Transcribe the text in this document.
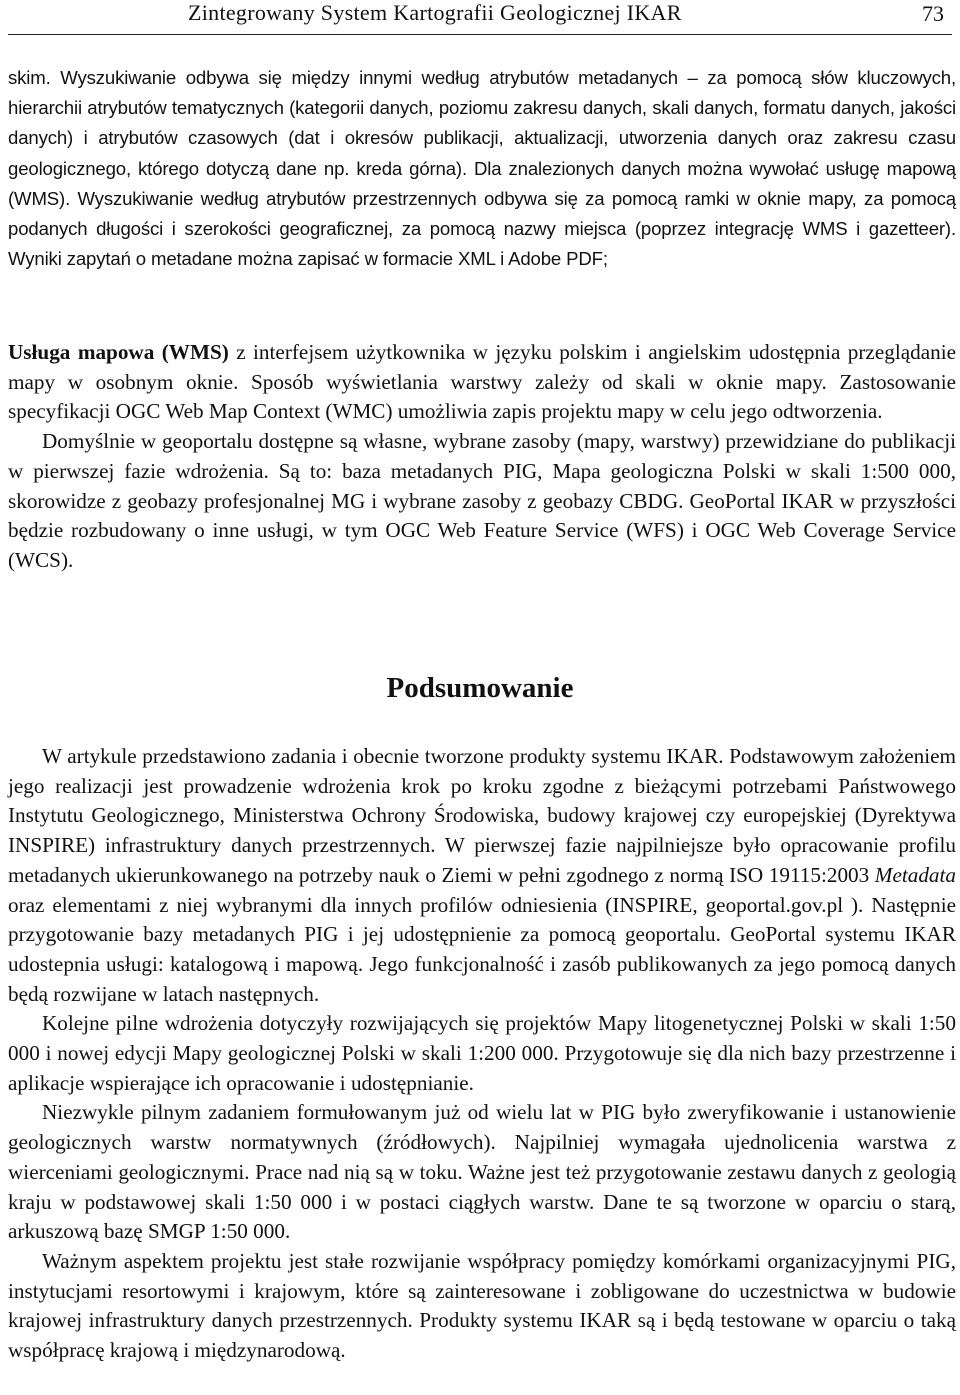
Zintegrowany System Kartografii Geologicznej IKAR	73

skim. Wyszukiwanie odbywa się między innymi według atrybutów metadanych – za pomocą słów kluczowych, hierarchii atrybutów tematycznych (kategorii danych, poziomu zakresu danych, skali danych, formatu danych, jakości danych) i atrybutów czasowych (dat i okresów publikacji, aktualizacji, utworzenia danych oraz zakresu czasu geologicznego, którego dotyczą dane np. kreda górna). Dla znalezionych danych można wywołać usługę mapową (WMS). Wyszukiwanie według atrybutów przestrzennych odbywa się za pomocą ramki w oknie mapy, za pomocą podanych długości i szerokości geograficznej, za pomocą nazwy miejsca (poprzez integrację WMS i gazetteer). Wyniki zapytań o metadane można zapisać w formacie XML i Adobe PDF;

Usługa mapowa (WMS) z interfejsem użytkownika w języku polskim i angielskim udostępnia przeglądanie mapy w osobnym oknie. Sposób wyświetlania warstwy zależy od skali w oknie mapy. Zastosowanie specyfikacji OGC Web Map Context (WMC) umożliwia zapis projektu mapy w celu jego odtworzenia.

Domyślnie w geoportalu dostępne są własne, wybrane zasoby (mapy, warstwy) przewidziane do publikacji w pierwszej fazie wdrożenia. Są to: baza metadanych PIG, Mapa geologiczna Polski w skali 1:500 000, skorowidze z geobazy profesjonalnej MG i wybrane zasoby z geobazy CBDG. GeoPortal IKAR w przyszłości będzie rozbudowany o inne usługi, w tym OGC Web Feature Service (WFS) i OGC Web Coverage Service (WCS).

Podsumowanie

W artykule przedstawiono zadania i obecnie tworzone produkty systemu IKAR. Podstawowym założeniem jego realizacji jest prowadzenie wdrożenia krok po kroku zgodne z bieżącymi potrzebami Państwowego Instytutu Geologicznego, Ministerstwa Ochrony Środowiska, budowy krajowej czy europejskiej (Dyrektywa INSPIRE) infrastruktury danych przestrzennych. W pierwszej fazie najpilniejsze było opracowanie profilu metadanych ukierunkowanego na potrzeby nauk o Ziemi w pełni zgodnego z normą ISO 19115:2003 Metadata oraz elementami z niej wybranymi dla innych profilów odniesienia (INSPIRE, geoportal.gov.pl ). Następnie przygotowanie bazy metadanych PIG i jej udostępnienie za pomocą geoportalu. GeoPortal systemu IKAR udostepnia usługi: katalogową i mapową. Jego funkcjonalność i zasób publikowanych za jego pomocą danych będą rozwijane w latach następnych.

Kolejne pilne wdrożenia dotyczyły rozwijających się projektów Mapy litogenetycznej Polski w skali 1:50 000 i nowej edycji Mapy geologicznej Polski w skali 1:200 000. Przygotowuje się dla nich bazy przestrzenne i aplikacje wspierające ich opracowanie i udostępnianie.

Niezwykle pilnym zadaniem formułowanym już od wielu lat w PIG było zweryfikowanie i ustanowienie geologicznych warstw normatywnych (źródłowych). Najpilniej wymagała ujednolicenia warstwa z wierceniami geologicznymi. Prace nad nią są w toku. Ważne jest też przygotowanie zestawu danych z geologią kraju w podstawowej skali 1:50 000 i w postaci ciągłych warstw. Dane te są tworzone w oparciu o starą, arkuszową bazę SMGP 1:50 000.

Ważnym aspektem projektu jest stałe rozwijanie współpracy pomiędzy komórkami organizacyjnymi PIG, instytucjami resortowymi i krajowym, które są zainteresowane i zobligowane do uczestnictwa w budowie krajowej infrastruktury danych przestrzennych. Produkty systemu IKAR są i będą testowane w oparciu o taką współpracę krajową i międzynarodową.
